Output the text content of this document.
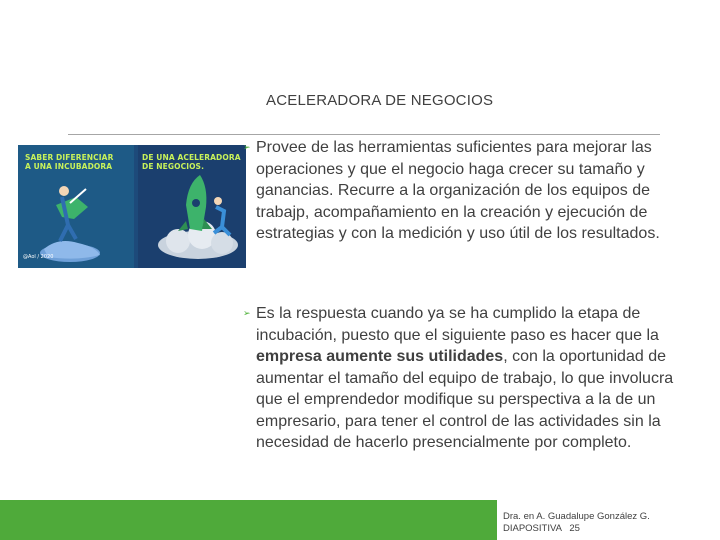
ACELERADORA DE NEGOCIOS
SABER DIFERENCIAR
A UNA INCUBADORA
DE UNA ACELERADORA
DE NEGOCIOS.
@Aol / 2020
➢ Provee de las herramientas suficientes para mejorar las operaciones y que el negocio haga crecer su tamaño y ganancias. Recurre a la organización de los equipos de trabajp, acompañamiento en la creación y ejecución de estrategias y con la medición y uso útil de los resultados.

➢ Es la respuesta cuando ya se ha cumplido la etapa de incubación, puesto que el siguiente paso es hacer que la empresa aumente sus utilidades, con la oportunidad de aumentar el tamaño del equipo de trabajo, lo que involucra que el emprendedor modifique su perspectiva a la de un empresario, para tener el control de las actividades sin la necesidad de hacerlo presencialmente por completo.

Dra. en A. Guadalupe González G.
DIAPOSITIVA 25
